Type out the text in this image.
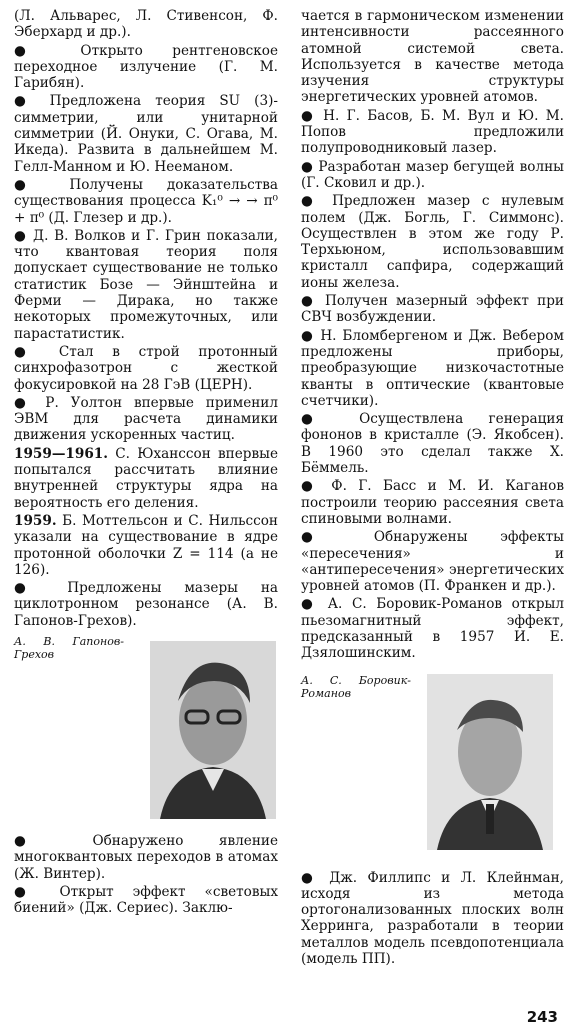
(Л. Альварес, Л. Стивенсон, Ф. Эберхард и др.).

● Открыто рентгеновское переходное излучение (Г. М. Гарибян).

● Предложена теория SU (3)-симметрии, или унитарной симметрии (Й. Онуки, С. Огава, М. Икеда). Развита в дальнейшем М. Гелл-Манном и Ю. Нееманом.

● Получены доказательства существования процесса K₁⁰ → → π⁰ + π⁰ (Д. Глезер и др.).

● Д. В. Волков и Г. Грин показали, что квантовая теория поля допускает существование не только статистик Бозе — Эйнштейна и Ферми — Дирака, но также некоторых промежуточных, или парастатистик.

● Стал в строй протонный синхрофазотрон с жесткой фокусировкой на 28 ГэВ (ЦЕРН).

● Р. Уолтон впервые применил ЭВМ для расчета динамики движения ускоренных частиц.

1959—1961. С. Юханссон впервые попытался рассчитать влияние внутренней структуры ядра на вероятность его деления.

1959. Б. Моттельсон и С. Нильссон указали на существование в ядре протонной оболочки Z = 114 (а не 126).

● Предложены мазеры на циклотронном резонансе (А. В. Гапонов-Грехов).

А. В. Гапонов-Грехов

● Обнаружено явление многоквантовых переходов в атомах (Ж. Винтер).

● Открыт эффект «световых биений» (Дж. Сериес). Заклю-

чается в гармоническом изменении интенсивности рассеянного атомной системой света. Используется в качестве метода изучения структуры энергетических уровней атомов.

● Н. Г. Басов, Б. М. Вул и Ю. М. Попов предложили полупроводниковый лазер.

● Разработан мазер бегущей волны (Г. Сковил и др.).

● Предложен мазер с нулевым полем (Дж. Богль, Г. Симмонс). Осуществлен в этом же году Р. Терхьюном, использовавшим кристалл сапфира, содержащий ионы железа.

● Получен мазерный эффект при СВЧ возбуждении.

● Н. Бломбергеном и Дж. Вебером предложены приборы, преобразующие низкочастотные кванты в оптические (квантовые счетчики).

● Осуществлена генерация фононов в кристалле (Э. Якобсен). В 1960 это сделал также Х. Бёммель.

● Ф. Г. Басс и М. И. Каганов построили теорию рассеяния света спиновыми волнами.

● Обнаружены эффекты «пересечения» и «антипересечения» энергетических уровней атомов (П. Франкен и др.).

● А. С. Боровик-Романов открыл пьезомагнитный эффект, предсказанный в 1957 И. Е. Дзялошинским.

А. С. Боровик-Романов

● Дж. Филлипс и Л. Клейнман, исходя из метода ортогонализованных плоских волн Херринга, разработали в теории металлов модель псевдопотенциала (модель ПП).

243
